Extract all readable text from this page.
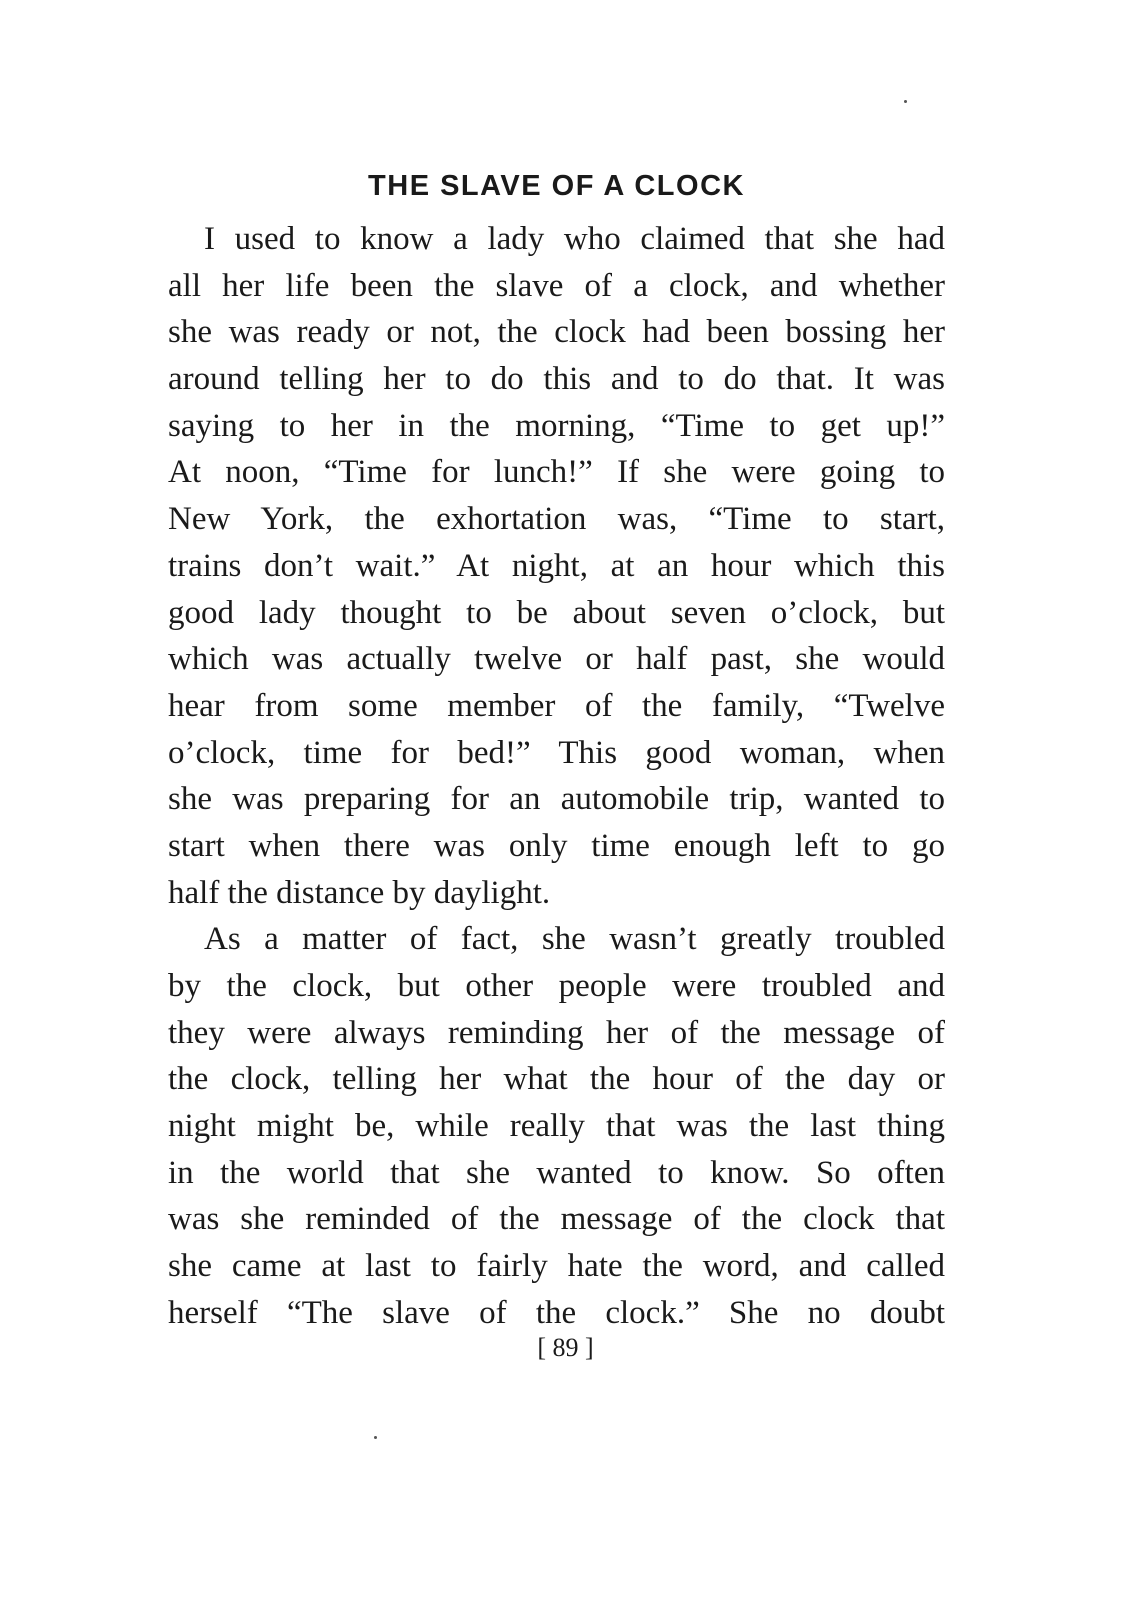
THE SLAVE OF A CLOCK
I used to know a lady who claimed that she had
all her life been the slave of a clock, and whether
she was ready or not, the clock had been bossing her
around telling her to do this and to do that. It was
saying to her in the morning, “Time to get up!”
At noon, “Time for lunch!” If she were going to
New York, the exhortation was, “Time to start,
trains don’t wait.” At night, at an hour which this
good lady thought to be about seven o’clock, but
which was actually twelve or half past, she would
hear from some member of the family, “Twelve
o’clock, time for bed!” This good woman, when
she was preparing for an automobile trip, wanted to
start when there was only time enough left to go
half the distance by daylight.
As a matter of fact, she wasn’t greatly troubled
by the clock, but other people were troubled and
they were always reminding her of the message of
the clock, telling her what the hour of the day or
night might be, while really that was the last thing
in the world that she wanted to know. So often
was she reminded of the message of the clock that
she came at last to fairly hate the word, and called
herself “The slave of the clock.” She no doubt
[ 89 ]
